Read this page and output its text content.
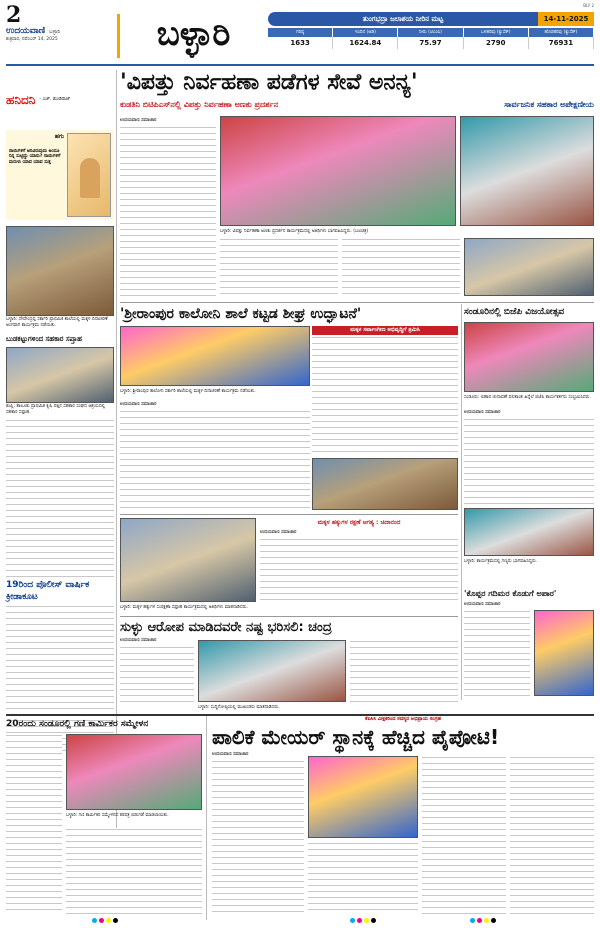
2
ಉದಯವಾಣಿ ಬಳ್ಳಾರಿ
ಶುಕ್ರವಾರ, ನವೆಂಬರ್ 14, 2025	ಬಳ್ಳಾರಿ
BLY 2
ತುಂಗಭದ್ರಾ ಜಲಾಶಯ ನೀರಿನ ಮಟ್ಟ	14-11-2025
ಗರಿಷ್ಠ	ಇಂದಿನ (ಅಡಿ)	ನೀರು (ಟಿಎಂಸಿ)	ಒಳಹರಿವು (ಕ್ಯುಸೆಕ್)	ಹೊರಹರಿವು (ಕ್ಯುಸೆಕ್)
1633	1624.84	75.97	2790	76931
ಹನಿದನಿ - ಎಚ್. ಡುಂಡಿರಾಜ್
ಹಗು
ನಾಯಿಗಳಿಗೆ ಅರಿವಿರುವುದು ಅಂದೂ ನಿನ್ನ ಸುಟ್ಟಿದ್ದು ಯಾರು? ನಾಯಿಗಳಿಗೆ ಮರುಳು ಯಾವ ಯಾವ ಸುತ್ತ
ಬಳ್ಳಾರಿ: ದೇವೇಂದ್ರಪ್ಪ ಸರ್ಕಾರಿ ಪ್ರಾಥಮಿಕ ಶಾಲೆಯಲ್ಲಿ ಮಕ್ಕಳ ದಿನಾಚರಣೆ ಅಂಗವಾಗಿ ಕಾರ್ಯಕ್ರಮ ನಡೆಯಿತು.
ಬುಡಕಟ್ಟುಗಳಿಂದ ಸಹಕಾರ ಸಪ್ತಾಹ
ಕಂಪ್ಲಿ: ತಾಲೂಕು ಪ್ರಾಥಮಿಕ ಕೃಷಿ ಪತ್ತಿನ ಸಹಕಾರ ಸಂಘದ ಆಶ್ರಯದಲ್ಲಿ ಸಹಕಾರ ಸಪ್ತಾಹ.
19ರಿಂದ ಪೊಲೀಸ್ ವಾರ್ಷಿಕ ಕ್ರೀಡಾಕೂಟ
'ವಿಪತ್ತು ನಿರ್ವಹಣಾ ಪಡೆಗಳ ಸೇವೆ ಅನನ್ಯ'
ಕುಡತಿನಿ ಬಿಟಿಪಿಎಸ್‌ನಲ್ಲಿ ವಿಪತ್ತು ನಿರ್ವಹಣಾ ಅಣಕು ಪ್ರದರ್ಶನ	ಸಾರ್ವಜನಿಕ ಸಹಕಾರ ಅಪೇಕ್ಷಣೀಯ
ಉದಯವಾಣಿ ಸಮಾಚಾರ
ಬಳ್ಳಾರಿ: ವಿಪತ್ತು ನಿರ್ವಹಣಾ ಅಣಕು ಪ್ರದರ್ಶನ ಕಾರ್ಯಕ್ರಮದಲ್ಲಿ ಅತಿಥಿಗಳು ಭಾಗವಹಿಸಿದ್ದರು. (ಬಲಚಿತ್ರ)
'ಶ್ರೀರಾಂಪುರ ಕಾಲೋನಿ ಶಾಲೆ ಕಟ್ಟಡ ಶೀಘ್ರ ಉದ್ಘಾಟನೆ'
ಮಕ್ಕಳ ಸರ್ವಾಂಗೀಣ ಅಭಿವೃದ್ಧಿಗೆ ಶ್ರಮಿಸಿ
ಬಳ್ಳಾರಿ: ಶ್ರೀರಾಂಪುರ ಕಾಲೋನಿ ಸರ್ಕಾರಿ ಶಾಲೆಯಲ್ಲಿ ಮಕ್ಕಳ ದಿನಾಚರಣೆ ಕಾರ್ಯಕ್ರಮ ನಡೆಯಿತು.
ಉದಯವಾಣಿ ಸಮಾಚಾರ
ಸಂಡೂರಿನಲ್ಲಿ ಬಿಜೆಪಿ ವಿಜಯೋತ್ಸವ
ಸಂಡೂರು: ಬಿಹಾರ ಚುನಾವಣೆ ಫಲಿತಾಂಶ ಹಿನ್ನೆಲೆ ಬಿಜೆಪಿ ಕಾರ್ಯಕರ್ತರು ಸಂಭ್ರಮಿಸಿದರು.
ಉದಯವಾಣಿ ಸಮಾಚಾರ
ಬಳ್ಳಾರಿ: ಕಾರ್ಯಕ್ರಮದಲ್ಲಿ ಗಣ್ಯರು ಭಾಗವಹಿಸಿದ್ದರು.
'ಕೊಪ್ಪರ ಗದಿಮರ ಕೊಡುಗೆ ಅಪಾರ'
ಉದಯವಾಣಿ ಸಮಾಚಾರ
ಮಕ್ಕಳ ಹಕ್ಕುಗಳ ರಕ್ಷಣೆ ಅಗತ್ಯ : ಚಿದಾನಂದ
ಉದಯವಾಣಿ ಸಮಾಚಾರ
ಬಳ್ಳಾರಿ: ಮಕ್ಕಳ ಹಕ್ಕುಗಳ ಸಂರಕ್ಷಣಾ ಸಪ್ತಾಹ ಕಾರ್ಯಕ್ರಮದಲ್ಲಿ ಅತಿಥಿಗಳು ಮಾತನಾಡಿದರು.
ಸುಳ್ಳು ಆರೋಪ ಮಾಡಿದವರೇ ನಷ್ಟ ಭರಿಸಲಿ: ಚಂದ್ರ
ಉದಯವಾಣಿ ಸಮಾಚಾರ
ಬಳ್ಳಾರಿ: ಸುದ್ದಿಗೋಷ್ಠಿಯಲ್ಲಿ ಮುಖಂಡರು ಮಾತನಾಡಿದರು.
20ರಂದು ಸಂಡೂರಲ್ಲಿ ಗಣಿ ಕಾರ್ಮಿಕರ ಸಮ್ಮೇಳನ
ಬಳ್ಳಾರಿ: ಗಣಿ ಕಾರ್ಮಿಕರ ಸಮ್ಮೇಳನದ ಕರಪತ್ರ ಬಿಡುಗಡೆ ಮಾಡಲಾಯಿತು.
ಕೆಪಿಸಿಸಿ ವೀಕ್ಷಕರಿಂದ ಸದಸ್ಯರ ಅಭಿಪ್ರಾಯ ಸಂಗ್ರಹ
ಪಾಲಿಕೆ ಮೇಯರ್ ಸ್ಥಾನಕ್ಕೆ ಹೆಚ್ಚಿದ ಪೈಪೋಟಿ!
ಉದಯವಾಣಿ ಸಮಾಚಾರ
